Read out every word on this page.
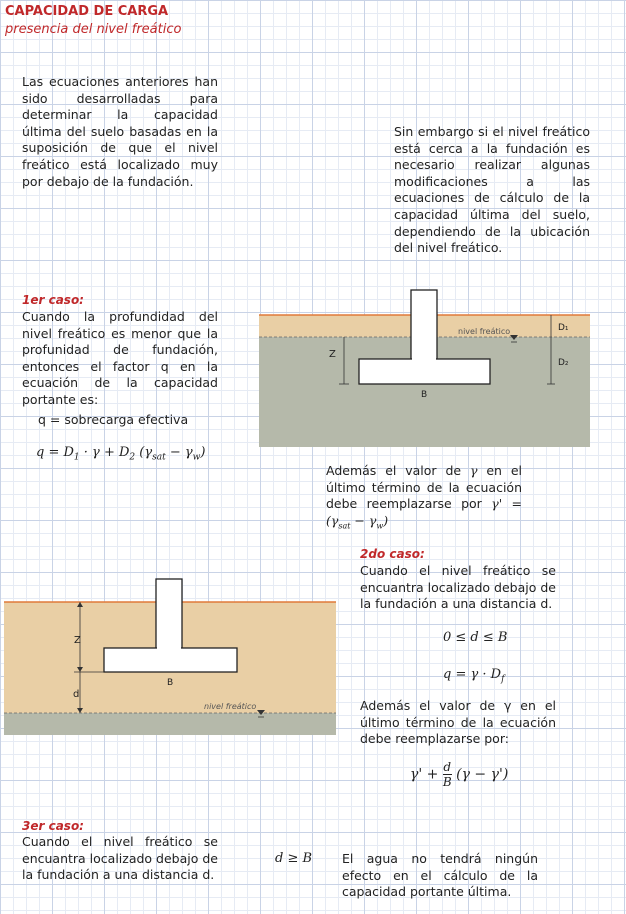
CAPACIDAD DE CARGA
presencia del nivel freático
Las ecuaciones anteriores han sido desarrolladas para determinar la capacidad última del suelo basadas en la suposición de que el nivel freático está localizado muy por debajo de la fundación.
Sin embargo si el nivel freático está cerca a la fundación es necesario realizar algunas modificaciones a las ecuaciones de cálculo de la capacidad última del suelo, dependiendo de la ubicación del nivel freático.
1er caso:
Cuando la profundidad del nivel freático es menor que la profunidad de fundación, entonces el factor q en la ecuación de la capacidad portante es:
q = sobrecarga efectiva
$q = D_1 \cdot \gamma + D_2$ $(\gamma_{sat} - \gamma_w)$
nivel freático	D₁
D₂
Z
B
Además el valor de γ en el último término de la ecuación debe reemplazarse por $\gamma' = (\gamma_{sat} - \gamma_w)$
2do caso:
Cuando el nivel freático se encuantra localizado debajo de la fundación a una distancia d.
0 ≤ d ≤ B
$q = \gamma \cdot D_f$
Además el valor de γ en el último término de la ecuación debe reemplazarse por:
$\gamma' + \frac{d}{B} (\gamma - \gamma')$
nivel freático
Z
d
B
3er caso:
Cuando el nivel freático se encuantra localizado debajo de la fundación a una distancia d.
d ≥ B El agua no tendrá ningún efecto en el cálculo de la capacidad portante última.
